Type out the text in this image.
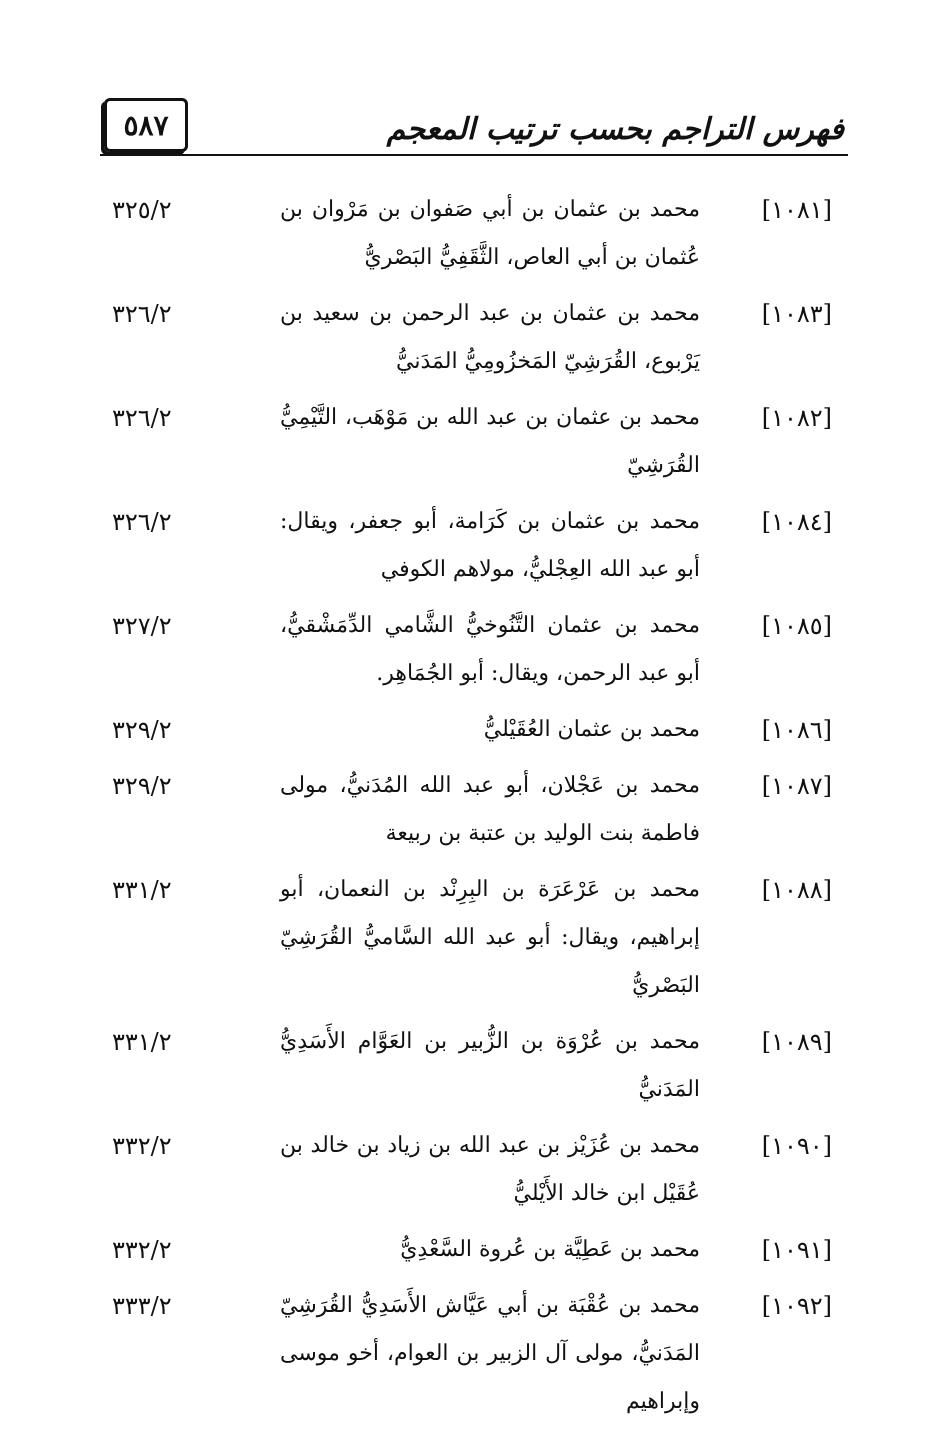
٥٨٧	فهرس التراجم بحسب ترتيب المعجم
[١٠٨١]
محمد بن عثمان بن أبي صَفوان بن مَرْوان بن عُثمان بن أبي العاص، الثَّقَفِيُّ البَصْريُّ
٣٢٥/٢
[١٠٨٣]
محمد بن عثمان بن عبد الرحمن بن سعيد بن يَرْبوع، القُرَشِيّ المَخزُومِيُّ المَدَنيُّ
٣٢٦/٢
[١٠٨٢]
محمد بن عثمان بن عبد الله بن مَوْهَب، التَّيْمِيُّ القُرَشِيّ
٣٢٦/٢
[١٠٨٤]
محمد بن عثمان بن كَرَامة، أبو جعفر، ويقال: أبو عبد الله العِجْليُّ، مولاهم الكوفي
٣٢٦/٢
[١٠٨٥]
محمد بن عثمان التَّنُوخيُّ الشَّامي الدِّمَشْقيُّ، أبو عبد الرحمن، ويقال: أبو الجُمَاهِر.
٣٢٧/٢
[١٠٨٦]
محمد بن عثمان العُقَيْليُّ
٣٢٩/٢
[١٠٨٧]
محمد بن عَجْلان، أبو عبد الله المُدَنيُّ، مولى فاطمة بنت الوليد بن عتبة بن ربيعة
٣٢٩/٢
[١٠٨٨]
محمد بن عَرْعَرَة بن البِرِنْد بن النعمان، أبو إبراهيم، ويقال: أبو عبد الله السَّاميُّ القُرَشِيّ البَصْريُّ
٣٣١/٢
[١٠٨٩]
محمد بن عُرْوَة بن الزُّبير بن العَوَّام الأَسَدِيُّ المَدَنيُّ
٣٣١/٢
[١٠٩٠]
محمد بن عُزَيْز بن عبد الله بن زياد بن خالد بن عُقَيْل ابن خالد الأَيْليُّ
٣٣٢/٢
[١٠٩١]
محمد بن عَطِيَّة بن عُروة السَّعْدِيُّ
٣٣٢/٢
[١٠٩٢]
محمد بن عُقْبَة بن أبي عَيَّاش الأَسَدِيُّ القُرَشِيّ المَدَنيُّ، مولى آل الزبير بن العوام، أخو موسى وإبراهيم
٣٣٣/٢
